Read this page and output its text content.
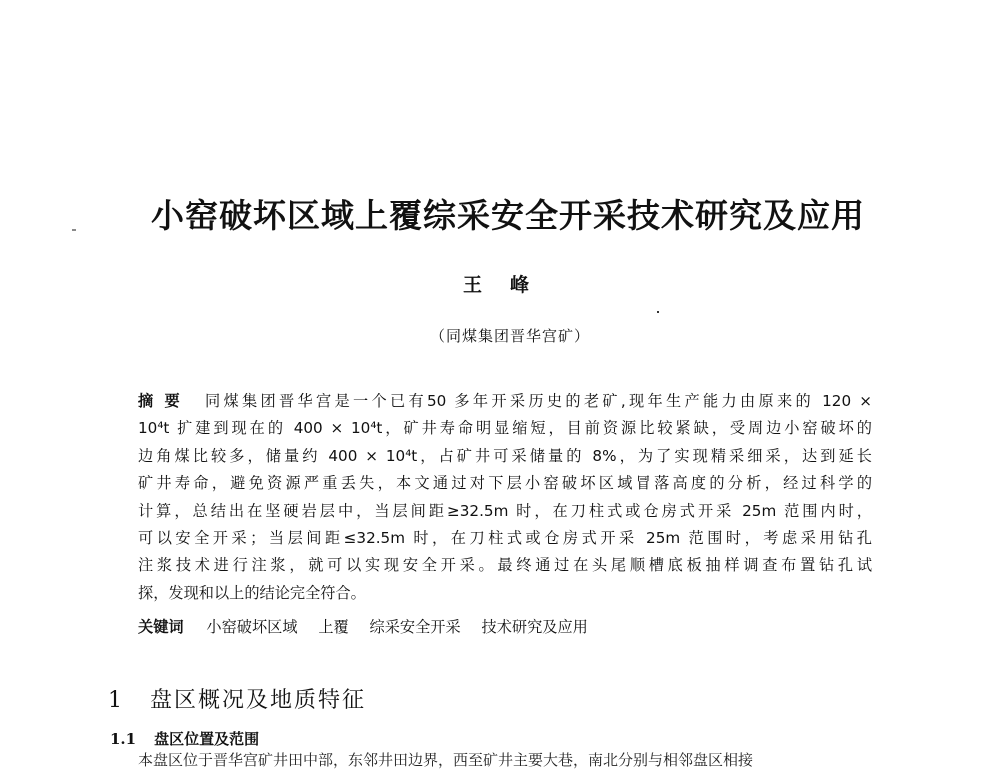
小窑破坏区域上覆综采安全开采技术研究及应用
王峰
（同煤集团晋华宫矿）
摘要 同煤集团晋华宫是一个已有50 多年开采历史的老矿,现年生产能力由原来的 120 ×
10⁴t 扩建到现在的 400 × 10⁴t，矿井寿命明显缩短，目前资源比较紧缺，受周边小窑破坏的
边角煤比较多，储量约 400 × 10⁴t，占矿井可采储量的 8%，为了实现精采细采，达到延长
矿井寿命，避免资源严重丢失，本文通过对下层小窑破坏区域冒落高度的分析，经过科学的
计算，总结出在坚硬岩层中，当层间距≥32.5m 时，在刀柱式或仓房式开采 25m 范围内时，
可以安全开采；当层间距≤32.5m 时，在刀柱式或仓房式开采 25m 范围时，考虑采用钻孔
注浆技术进行注浆，就可以实现安全开采。最终通过在头尾顺槽底板抽样调查布置钻孔试
探，发现和以上的结论完全符合。
关键词 小窑破坏区域 上覆 综采安全开采 技术研究及应用
1 盘区概况及地质特征
1.1 盘区位置及范围
本盘区位于晋华宫矿井田中部，东邻井田边界，西至矿井主要大巷，南北分别与相邻盘区相接
